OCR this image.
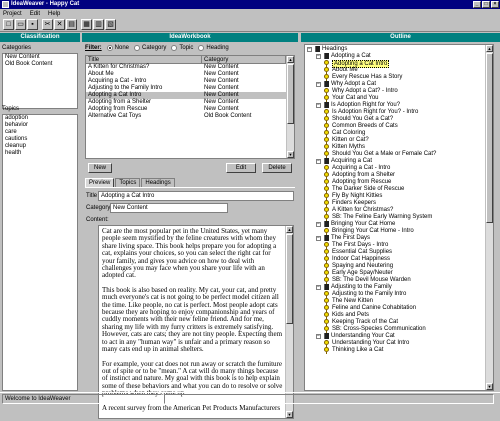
IdeaWeaver - Happy Cat	_	□	×
Project Edit Help
□ ▭	▪	✂ ✕ ▤	▦ ▥ ▧
Classification
Categories
New Content
Old Book Content
Topics
adoption
behavior
care
cautions
cleanup
health
IdeaWorkbook
Filter: None Category Topic Heading
Title	Category
A Kitten for Christmas?	New Content
About Me	New Content
Acquiring a Cat - Intro	New Content
Adjusting to the Family Intro	New Content
Adopting a Cat Intro	New Content
Adopting from a Shelter	New Content
Adopting from Rescue	New Content
Alternative Cat Toys	Old Book Content
▲
▼
New	Edit	Delete
Preview	Topics	Headings
Title Adopting a Cat Intro
Category New Content
Content:

Cat are the most popular pet in the United States, yet many people seem mystified by the feline creatures with whom they share living space. This book helps prepare you for adopting a cat, explains your choices, so you can select the right cat for your family, and gives you advice on how to deal with challenges you may face when you share your life with an adopted cat.

This book is also based on reality. My cat, your cat, and pretty much everyone's cat is not going to be perfect model citizen all the time. Like people, no cat is perfect. Most people adopt cats because they are hoping to enjoy companionship and years of cuddly moments with their new feline friend. And for me, sharing my life with my furry critters is extremely satisfying. However, cats are cats; they are not tiny people. Expecting them to act in any "human way" is unfair and a primary reason so many cats end up in animal shelters.

For example, your cat does not run away or scratch the furniture out of spite or to be "mean." A cat will do many things because of instinct and nature. My goal with this book is to help explain some of these behaviors and what you can do to resolve or solve problems when they come up.

A recent survey from the American Pet Products Manufacturers

▲
▼
Outline
− Headings
− Adopting a Cat
Adopting a Cat Intro
About Me
Every Rescue Has a Story
− Why Adopt a Cat
Why Adopt a Cat? - Intro
Your Cat and You
− Is Adoption Right for You?
Is Adoption Right for You? - Intro
Should You Get a Cat?
Common Breeds of Cats
Cat Coloring
Kitten or Cat?
Kitten Myths
Should You Get a Male or Female Cat?
− Acquiring a Cat
Acquiring a Cat - Intro
Adopting from a Shelter
Adopting from Rescue
The Darker Side of Rescue
Fly By Night Kitties
Finders Keepers
A Kitten for Christmas?
SB: The Feline Early Warning System
− Bringing Your Cat Home
Bringing Your Cat Home - Intro
− The First Days
The First Days - Intro
Essential Cat Supplies
Indoor Cat Happiness
Spaying and Neutering
Early Age Spay/Neuter
SB: The Devil Mouse Warden
− Adjusting to the Family
Adjusting to the Family Intro
The New Kitten
Feline and Canine Cohabitation
Kids and Pets
Keeping Track of the Cat
SB: Cross-Species Communication
− Understanding Your Cat
Understanding Your Cat Intro
Thinking Like a Cat
▲
▼
Welcome to IdeaWeaver
